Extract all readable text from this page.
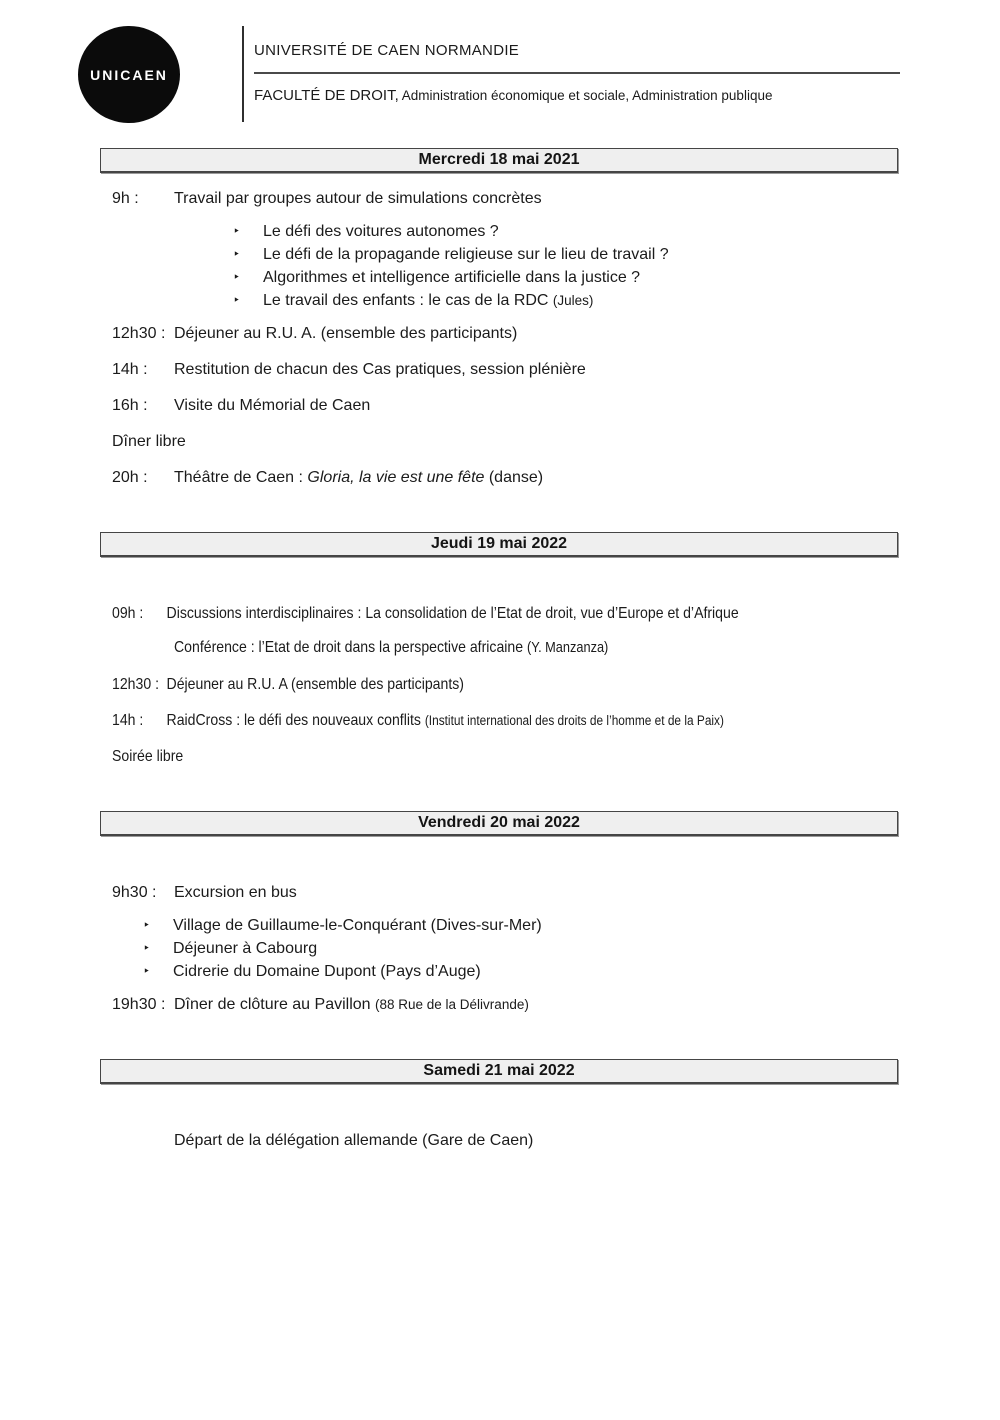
UNICAEN
UNIVERSITÉ DE CAEN NORMANDIE
FACULTÉ DE DROIT, Administration économique et sociale, Administration publique
Mercredi 18 mai 2021
9h :	Travail par groupes autour de simulations concrètes
‣	Le défi des voitures autonomes ?
‣	Le défi de la propagande religieuse sur le lieu de travail ?
‣	Algorithmes et intelligence artificielle dans la justice ?
‣	Le travail des enfants : le cas de la RDC (Jules)
12h30 : Déjeuner au R.U. A. (ensemble des participants)
14h :	Restitution de chacun des Cas pratiques, session plénière
16h :	Visite du Mémorial de Caen
Dîner libre
20h :	Théâtre de Caen : Gloria, la vie est une fête (danse)
Jeudi 19 mai 2022
09h :	Discussions interdisciplinaires : La consolidation de l’Etat de droit, vue d’Europe et d’Afrique
Conférence : l’Etat de droit dans la perspective africaine (Y. Manzanza)
12h30 : Déjeuner au R.U. A (ensemble des participants)
14h :	RaidCross : le défi des nouveaux conflits (Institut international des droits de l’homme et de la Paix)
Soirée libre
Vendredi 20 mai 2022
9h30 :	Excursion en bus
‣	Village de Guillaume-le-Conquérant (Dives-sur-Mer)
‣	Déjeuner à Cabourg
‣	Cidrerie du Domaine Dupont (Pays d’Auge)
19h30 : Dîner de clôture au Pavillon (88 Rue de la Délivrande)
Samedi 21 mai 2022
Départ de la délégation allemande (Gare de Caen)
